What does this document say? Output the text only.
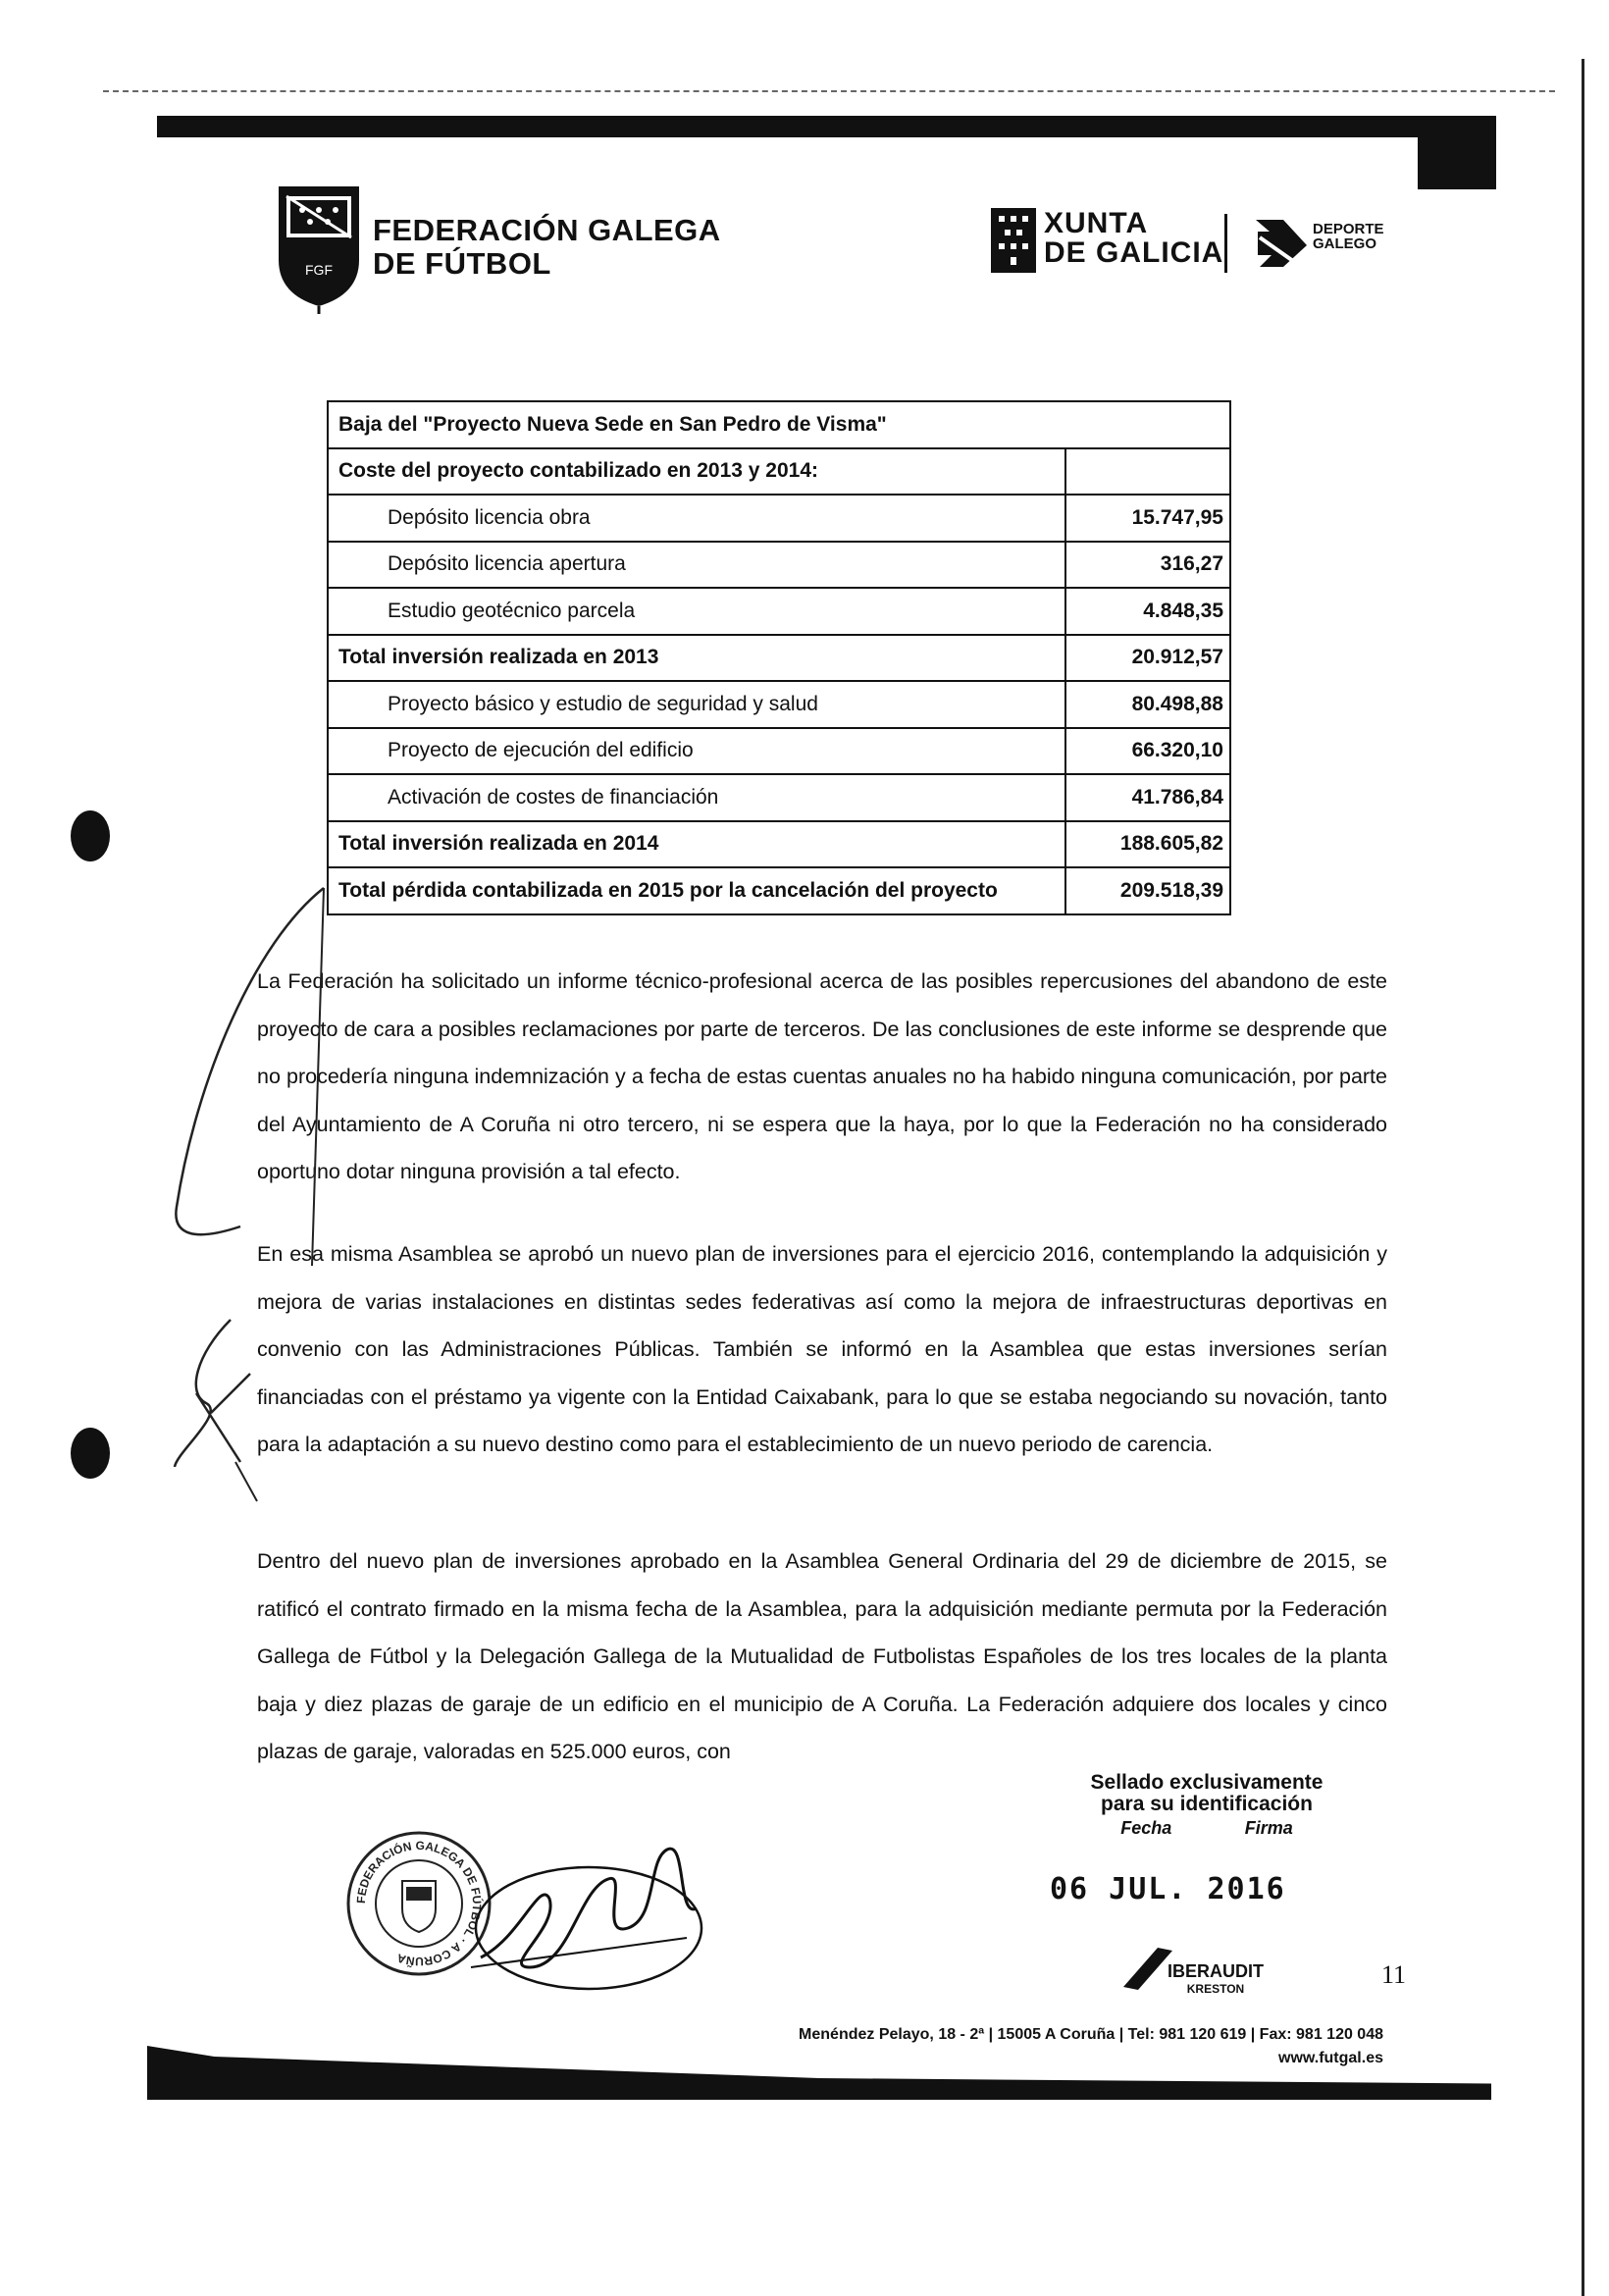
FGF
FEDERACIÓN GALEGA
DE FÚTBOL
XUNTA
DE GALICIA
DEPORTE
GALEGO
Baja del "Proyecto Nueva Sede en San Pedro de Visma"	
Coste del proyecto contabilizado en 2013 y 2014:	
Depósito licencia obra	15.747,95
Depósito licencia apertura	316,27
Estudio geotécnico parcela	4.848,35
Total inversión realizada en 2013	20.912,57
Proyecto básico y estudio de seguridad y salud	80.498,88
Proyecto de ejecución del edificio	66.320,10
Activación de costes de financiación	41.786,84
Total inversión realizada en 2014	188.605,82
Total pérdida contabilizada en 2015 por la cancelación del proyecto	209.518,39
La Federación ha solicitado un informe técnico-profesional acerca de las posibles repercusiones del abandono de este proyecto de cara a posibles reclamaciones por parte de terceros. De las conclusiones de este informe se desprende que no procedería ninguna indemnización y a fecha de estas cuentas anuales no ha habido ninguna comunicación, por parte del Ayuntamiento de A Coruña ni otro tercero, ni se espera que la haya, por lo que la Federación no ha considerado oportuno dotar ninguna provisión a tal efecto.
En esa misma Asamblea se aprobó un nuevo plan de inversiones para el ejercicio 2016, contemplando la adquisición y mejora de varias instalaciones en distintas sedes federativas así como la mejora de infraestructuras deportivas en convenio con las Administraciones Públicas. También se informó en la Asamblea que estas inversiones serían financiadas con el préstamo ya vigente con la Entidad Caixabank, para lo que se estaba negociando su novación, tanto para la adaptación a su nuevo destino como para el establecimiento de un nuevo periodo de carencia.
Dentro del nuevo plan de inversiones aprobado en la Asamblea General Ordinaria del 29 de diciembre de 2015, se ratificó el contrato firmado en la misma fecha de la Asamblea, para la adquisición mediante permuta por la Federación Gallega de Fútbol y la Delegación Gallega de la Mutualidad de Futbolistas Españoles de los tres locales de la planta baja y diez plazas de garaje de un edificio en el municipio de A Coruña. La Federación adquiere dos locales y cinco plazas de garaje, valoradas en 525.000 euros, con
FEDERACIÓN GALEGA DE FÚTBOL · A CORUÑA
Sellado exclusivamente
para su identificación
Fecha	Firma
06 JUL. 2016
IBERAUDIT
KRESTON	11
Menéndez Pelayo, 18 - 2ª | 15005 A Coruña | Tel: 981 120 619 | Fax: 981 120 048
www.futgal.es
